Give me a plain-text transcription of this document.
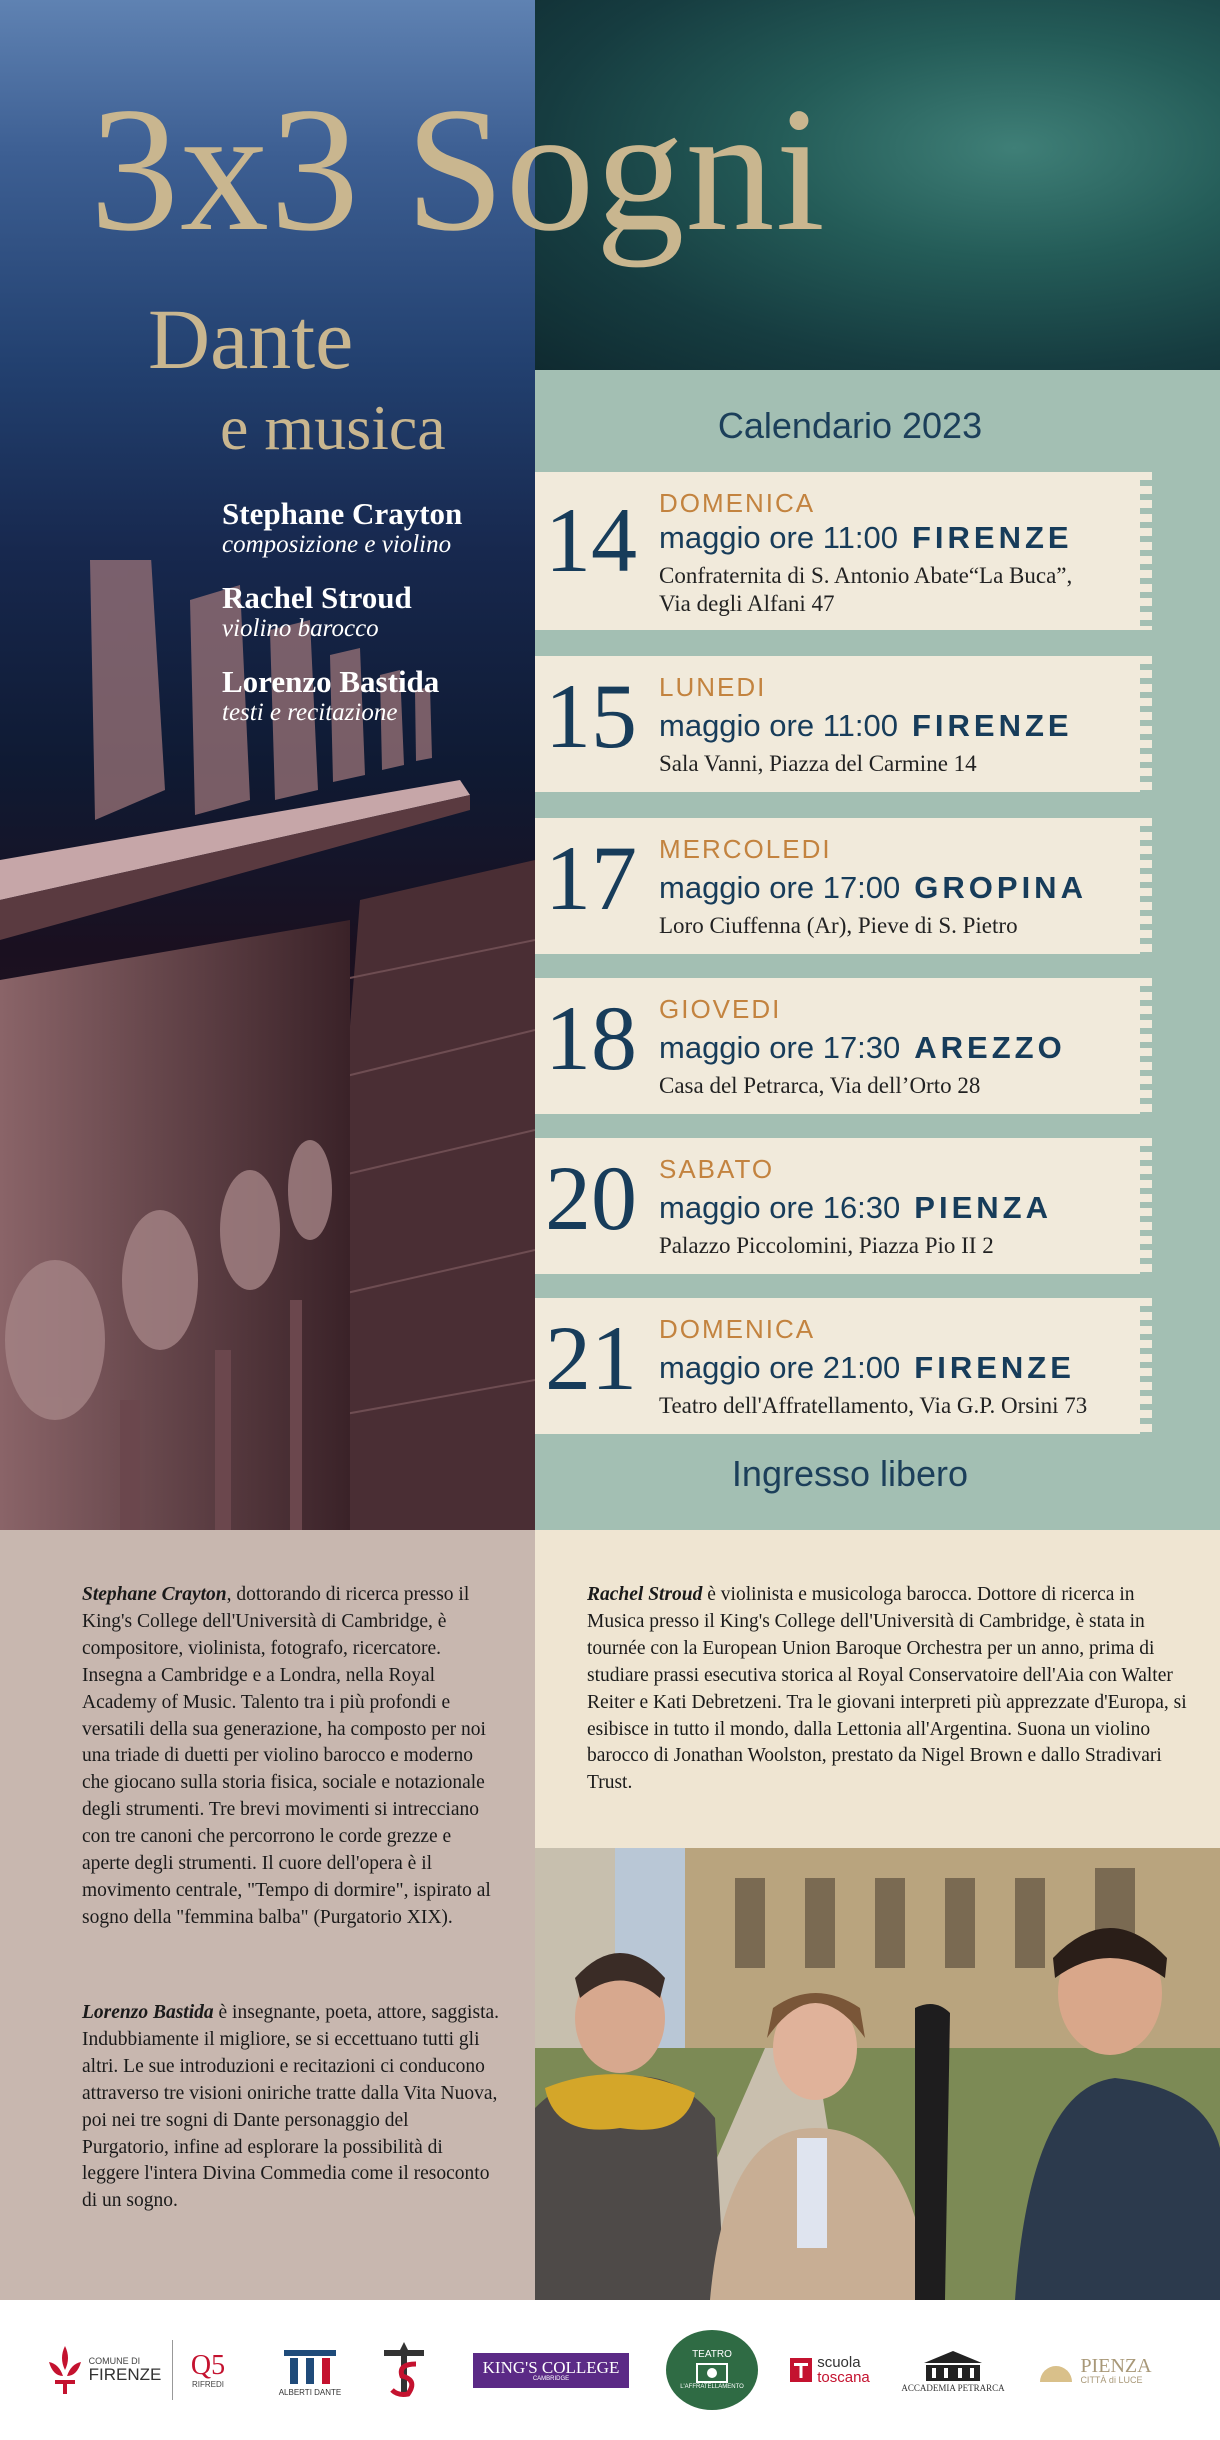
3x3 Sogni
Dante
e musica
Stephane Crayton
composizione e violino
Rachel Stroud
violino barocco
Lorenzo Bastida
testi e recitazione
Calendario 2023
14 DOMENICA
maggio ore 11:00 FIRENZE
Confraternita di S. Antonio Abate“La Buca”,
Via degli Alfani 47
15 LUNEDI
maggio ore 11:00 FIRENZE
Sala Vanni, Piazza del Carmine 14
17 MERCOLEDI
maggio ore 17:00 GROPINA
Loro Ciuffenna (Ar), Pieve di S. Pietro
18 GIOVEDI
maggio ore 17:30 AREZZO
Casa del Petrarca, Via dell’Orto 28
20 SABATO
maggio ore 16:30 PIENZA
Palazzo Piccolomini, Piazza Pio II 2
21 DOMENICA
maggio ore 21:00 FIRENZE
Teatro dell'Affratellamento, Via G.P. Orsini 73
Ingresso libero
Stephane Crayton, dottorando di ricerca presso il King's College dell'Università di Cambridge, è compositore, violinista, fotografo, ricercatore. Insegna a Cambridge e a Londra, nella Royal Academy of Music. Talento tra i più profondi e versatili della sua generazione, ha composto per noi una triade di duetti per violino barocco e moderno che giocano sulla storia fisica, sociale e notazionale degli strumenti. Tre brevi movimenti si intrecciano con tre canoni che percorrono le corde grezze e aperte degli strumenti. Il cuore dell'opera è il movimento centrale, "Tempo di dormire", ispirato al sogno della "femmina balba" (Purgatorio XIX).
Lorenzo Bastida è insegnante, poeta, attore, saggista. Indubbiamente il migliore, se si eccettuano tutti gli altri. Le sue introduzioni e recitazioni ci conducono attraverso tre visioni oniriche tratte dalla Vita Nuova, poi nei tre sogni di Dante personaggio del Purgatorio, infine ad esplorare la possibilità di leggere l'intera Divina Commedia come il resoconto di un sogno.
Rachel Stroud è violinista e musicologa barocca. Dottore di ricerca in Musica presso il King's College dell'Università di Cambridge, è stata in tournée con la European Union Baroque Orchestra per un anno, prima di studiare prassi esecutiva storica al Royal Conservatoire dell'Aia con Walter Reiter e Kati Debretzeni. Tra le giovani interpreti più apprezzate d'Europa, si esibisce in tutto il mondo, dalla Lettonia all'Argentina. Suona un violino barocco di Jonathan Woolston, prestato da Nigel Brown e dallo Stradivari Trust.
COMUNE DI
FIRENZE Q5
RIFREDI
ALBERTI DANTE
KING'S COLLEGE
CAMBRIDGE
TEATRO
L'AFFRATELLAMENTO
scuola
toscana
ACCADEMIA PETRARCA
PIENZA
CITTÀ di LUCE
